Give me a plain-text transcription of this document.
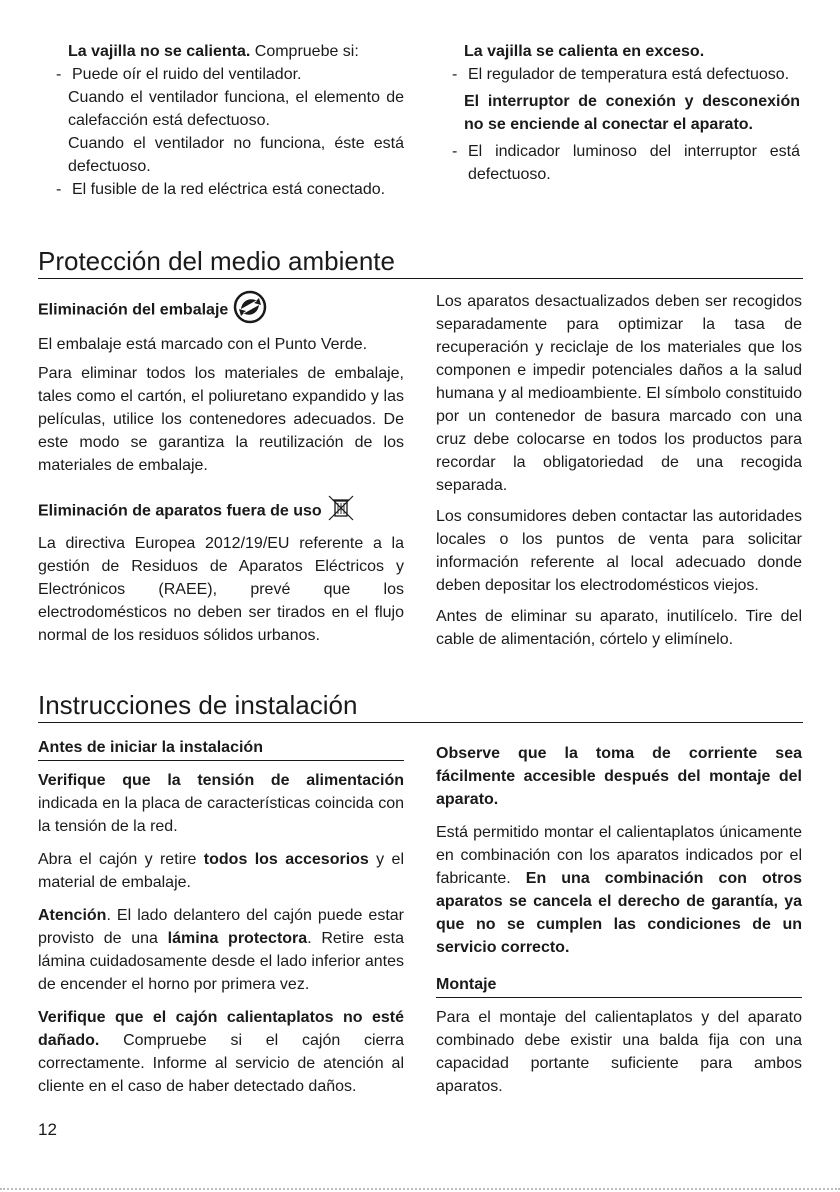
La vajilla no se calienta. Compruebe si:

- Puede oír el ruido del ventilador.

Cuando el ventilador funciona, el elemento de calefacción está defectuoso.

Cuando el ventilador no funciona, éste está defectuoso.

- El fusible de la red eléctrica está conectado.

La vajilla se calienta en exceso.

- El regulador de temperatura está defectuoso.

El interruptor de conexión y desconexión no se enciende al conectar el aparato.

- El indicador luminoso del interruptor está defectuoso.
Protección del medio ambiente

Eliminación del embalaje

El embalaje está marcado con el Punto Verde.

Para eliminar todos los materiales de embalaje, tales como el cartón, el poliuretano expandido y las películas, utilice los contenedores adecuados. De este modo se garantiza la reutilización de los materiales de embalaje.

Eliminación de aparatos fuera de uso

La directiva Europea 2012/19/EU referente a la gestión de Residuos de Aparatos Eléctricos y Electrónicos (RAEE), prevé que los electrodomésticos no deben ser tirados en el flujo normal de los residuos sólidos urbanos.

Los aparatos desactualizados deben ser recogidos separadamente para optimizar la tasa de recuperación y reciclaje de los materiales que los componen e impedir potenciales daños a la salud humana y al medioambiente. El símbolo constituido por un contenedor de basura marcado con una cruz debe colocarse en todos los productos para recordar la obligatoriedad de una recogida separada.

Los consumidores deben contactar las autoridades locales o los puntos de venta para solicitar información referente al local adecuado donde deben depositar los electrodomésticos viejos.

Antes de eliminar su aparato, inutilícelo. Tire del cable de alimentación, córtelo y elimínelo.

Instrucciones de instalación
Antes de iniciar la instalación

Verifique que la tensión de alimentación indicada en la placa de características coincida con la tensión de la red.

Abra el cajón y retire todos los accesorios y el material de embalaje.

Atención. El lado delantero del cajón puede estar provisto de una lámina protectora. Retire esta lámina cuidadosamente desde el lado inferior antes de encender el horno por primera vez.

Verifique que el cajón calientaplatos no esté dañado. Compruebe si el cajón cierra correctamente. Informe al servicio de atención al cliente en el caso de haber detectado daños.

Observe que la toma de corriente sea fácilmente accesible después del montaje del aparato.

Está permitido montar el calientaplatos únicamente en combinación con los aparatos indicados por el fabricante. En una combinación con otros aparatos se cancela el derecho de garantía, ya que no se cumplen las condiciones de un servicio correcto.

Montaje

Para el montaje del calientaplatos y del aparato combinado debe existir una balda fija con una capacidad portante suficiente para ambos aparatos.

12
